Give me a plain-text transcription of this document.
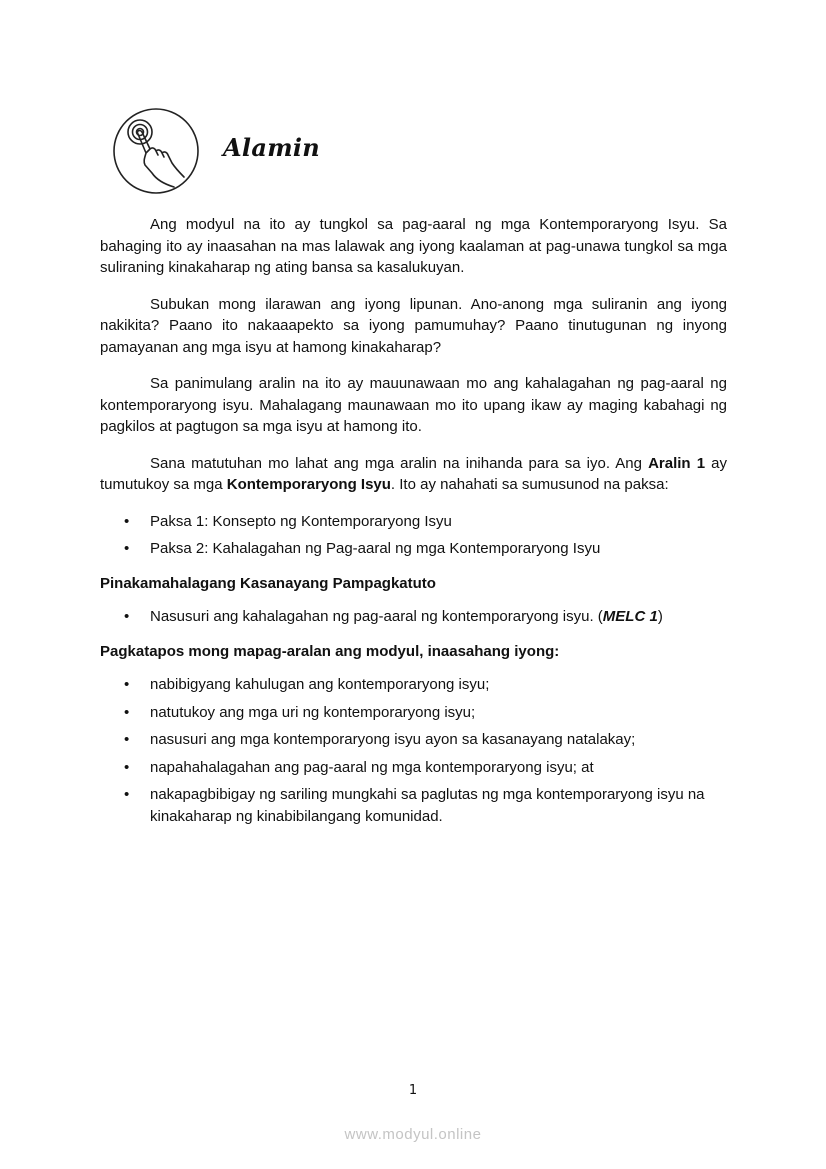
Alamin

Ang modyul na ito ay tungkol sa pag-aaral ng mga Kontemporaryong Isyu. Sa bahaging ito ay inaasahan na mas lalawak ang iyong kaalaman at pag-unawa tungkol sa mga suliraning kinakaharap ng ating bansa sa kasalukuyan.

Subukan mong ilarawan ang iyong lipunan. Ano-anong mga suliranin ang iyong nakikita? Paano ito nakaaapekto sa iyong pamumuhay? Paano tinutugunan ng inyong pamayanan ang mga isyu at hamong kinakaharap?

Sa panimulang aralin na ito ay mauunawaan mo ang kahalagahan ng pag-aaral ng kontemporaryong isyu. Mahalagang maunawaan mo ito upang ikaw ay maging kabahagi ng pagkilos at pagtugon sa mga isyu at hamong ito.

Sana matutuhan mo lahat ang mga aralin na inihanda para sa iyo. Ang Aralin 1 ay tumutukoy sa mga Kontemporaryong Isyu. Ito ay nahahati sa sumusunod na paksa:

• Paksa 1: Konsepto ng Kontemporaryong Isyu
• Paksa 2: Kahalagahan ng Pag-aaral ng mga Kontemporaryong Isyu
Pinakamahalagang Kasanayang Pampagkatuto
• Nasusuri ang kahalagahan ng pag-aaral ng kontemporaryong isyu. (MELC 1)
Pagkatapos mong mapag-aralan ang modyul, inaasahang iyong:
• nabibigyang kahulugan ang kontemporaryong isyu;
• natutukoy ang mga uri ng kontemporaryong isyu;
• nasusuri ang mga kontemporaryong isyu ayon sa kasanayang natalakay;
• napahahalagahan ang pag-aaral ng mga kontemporaryong isyu; at
• nakapagbibigay ng sariling mungkahi sa paglutas ng mga kontemporaryong isyu na kinakaharap ng kinabibilangang komunidad.
1
www.modyul.online
